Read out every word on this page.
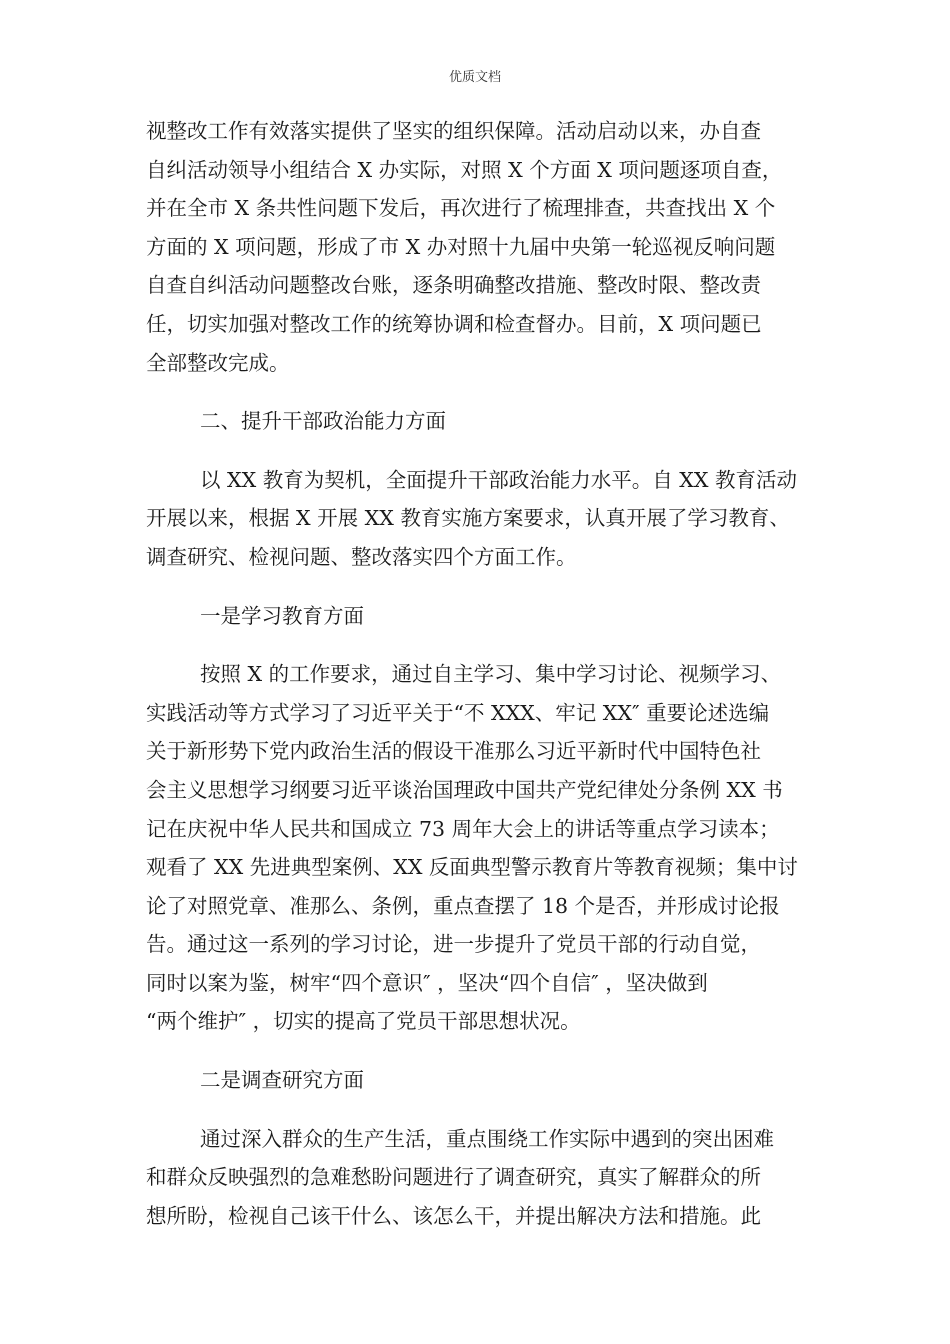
优质文档
视整改工作有效落实提供了坚实的组织保障。活动启动以来，办自查
自纠活动领导小组结合 X 办实际，对照 X 个方面 X 项问题逐项自查，
并在全市 X 条共性问题下发后，再次进行了梳理排查，共查找出 X 个
方面的 X 项问题，形成了市 X 办对照十九届中央第一轮巡视反响问题
自查自纠活动问题整改台账，逐条明确整改措施、整改时限、整改责
任，切实加强对整改工作的统筹协调和检查督办。目前，X 项问题已
全部整改完成。
二、提升干部政治能力方面
以 XX 教育为契机，全面提升干部政治能力水平。自 XX 教育活动
开展以来，根据 X 开展 XX 教育实施方案要求，认真开展了学习教育、
调查研究、检视问题、整改落实四个方面工作。
一是学习教育方面
按照 X 的工作要求，通过自主学习、集中学习讨论、视频学习、
实践活动等方式学习了习近平关于“不 XXX、牢记 XX″ 重要论述选编
关于新形势下党内政治生活的假设干准那么习近平新时代中国特色社
会主义思想学习纲要习近平谈治国理政中国共产党纪律处分条例 XX 书
记在庆祝中华人民共和国成立 73 周年大会上的讲话等重点学习读本；
观看了 XX 先进典型案例、XX 反面典型警示教育片等教育视频；集中讨
论了对照党章、准那么、条例，重点查摆了 18 个是否，并形成讨论报
告。通过这一系列的学习讨论，进一步提升了党员干部的行动自觉，
同时以案为鉴，树牢“四个意识″ ，坚决“四个自信″ ，坚决做到
“两个维护″ ，切实的提高了党员干部思想状况。
二是调查研究方面
通过深入群众的生产生活，重点围绕工作实际中遇到的突出困难
和群众反映强烈的急难愁盼问题进行了调查研究，真实了解群众的所
想所盼，检视自己该干什么、该怎么干，并提出解决方法和措施。此
